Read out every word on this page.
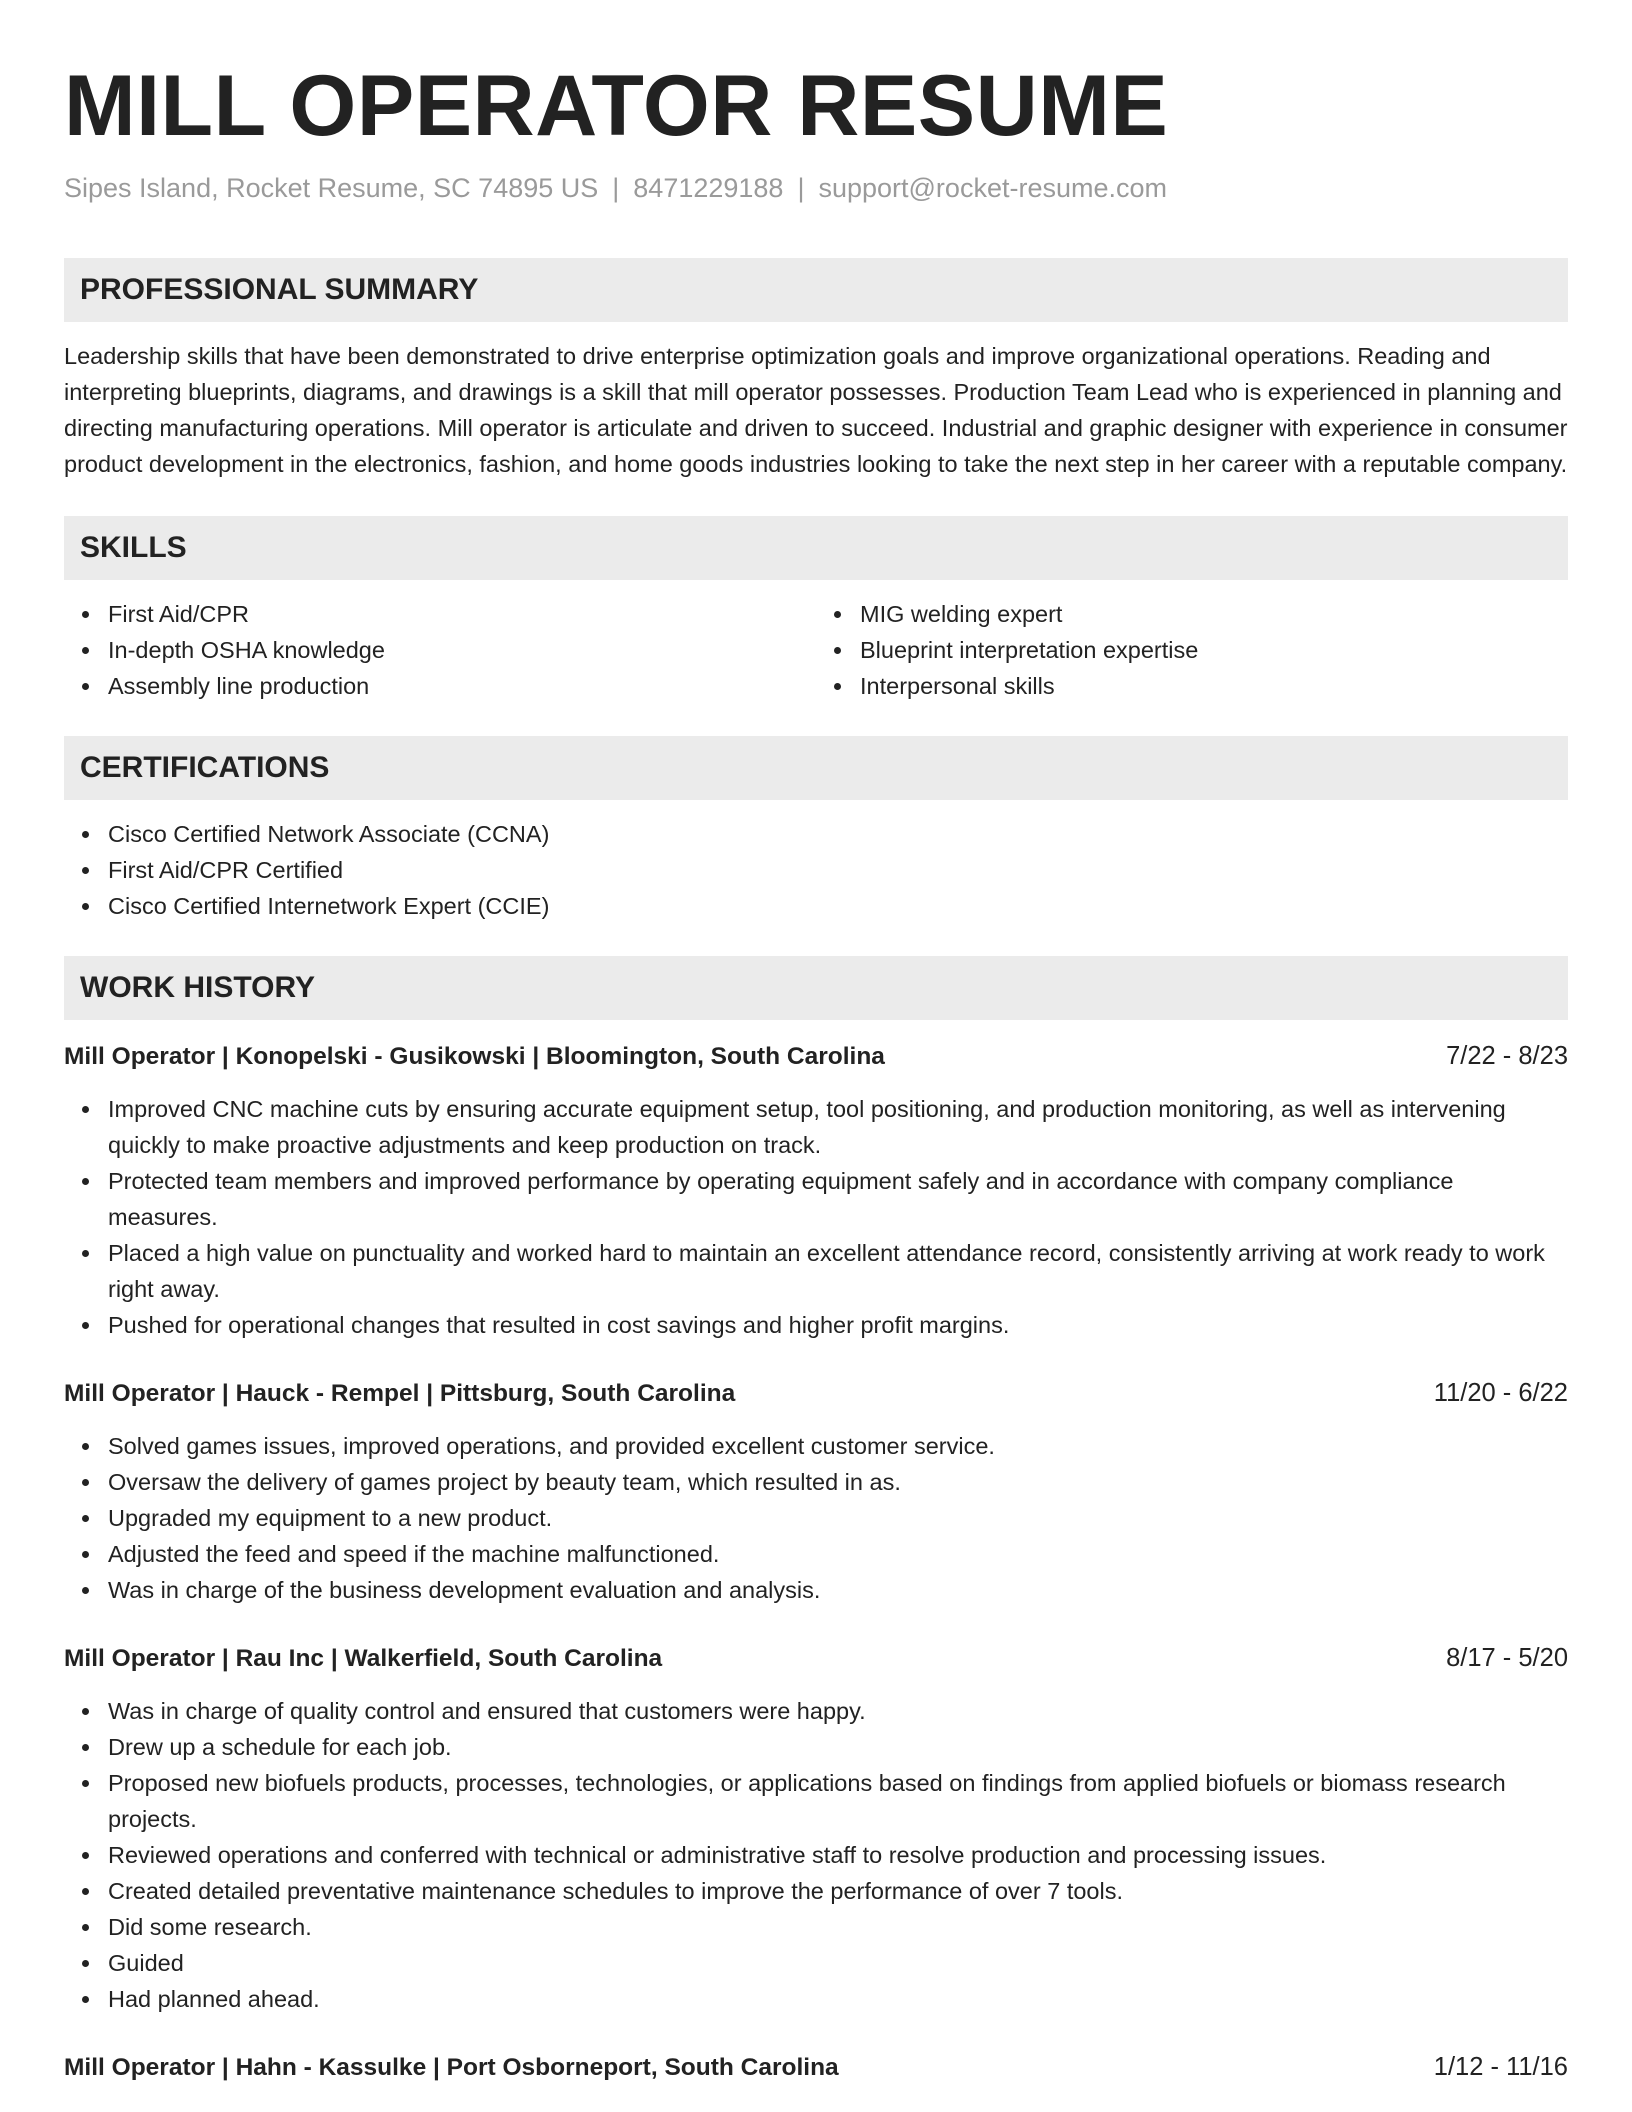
MILL OPERATOR RESUME
Sipes Island, Rocket Resume, SC 74895 US | 8471229188 | support@rocket-resume.com
PROFESSIONAL SUMMARY
Leadership skills that have been demonstrated to drive enterprise optimization goals and improve organizational operations. Reading and interpreting blueprints, diagrams, and drawings is a skill that mill operator possesses. Production Team Lead who is experienced in planning and directing manufacturing operations. Mill operator is articulate and driven to succeed. Industrial and graphic designer with experience in consumer product development in the electronics, fashion, and home goods industries looking to take the next step in her career with a reputable company.
SKILLS
First Aid/CPR
In-depth OSHA knowledge
Assembly line production
MIG welding expert
Blueprint interpretation expertise
Interpersonal skills
CERTIFICATIONS
Cisco Certified Network Associate (CCNA)
First Aid/CPR Certified
Cisco Certified Internetwork Expert (CCIE)
WORK HISTORY
Mill Operator | Konopelski - Gusikowski | Bloomington, South Carolina	7/22 - 8/23
Improved CNC machine cuts by ensuring accurate equipment setup, tool positioning, and production monitoring, as well as intervening quickly to make proactive adjustments and keep production on track.
Protected team members and improved performance by operating equipment safely and in accordance with company compliance measures.
Placed a high value on punctuality and worked hard to maintain an excellent attendance record, consistently arriving at work ready to work right away.
Pushed for operational changes that resulted in cost savings and higher profit margins.
Mill Operator | Hauck - Rempel | Pittsburg, South Carolina	11/20 - 6/22
Solved games issues, improved operations, and provided excellent customer service.
Oversaw the delivery of games project by beauty team, which resulted in as.
Upgraded my equipment to a new product.
Adjusted the feed and speed if the machine malfunctioned.
Was in charge of the business development evaluation and analysis.
Mill Operator | Rau Inc | Walkerfield, South Carolina	8/17 - 5/20
Was in charge of quality control and ensured that customers were happy.
Drew up a schedule for each job.
Proposed new biofuels products, processes, technologies, or applications based on findings from applied biofuels or biomass research projects.
Reviewed operations and conferred with technical or administrative staff to resolve production and processing issues.
Created detailed preventative maintenance schedules to improve the performance of over 7 tools.
Did some research.
Guided
Had planned ahead.
Mill Operator | Hahn - Kassulke | Port Osborneport, South Carolina	1/12 - 11/16
